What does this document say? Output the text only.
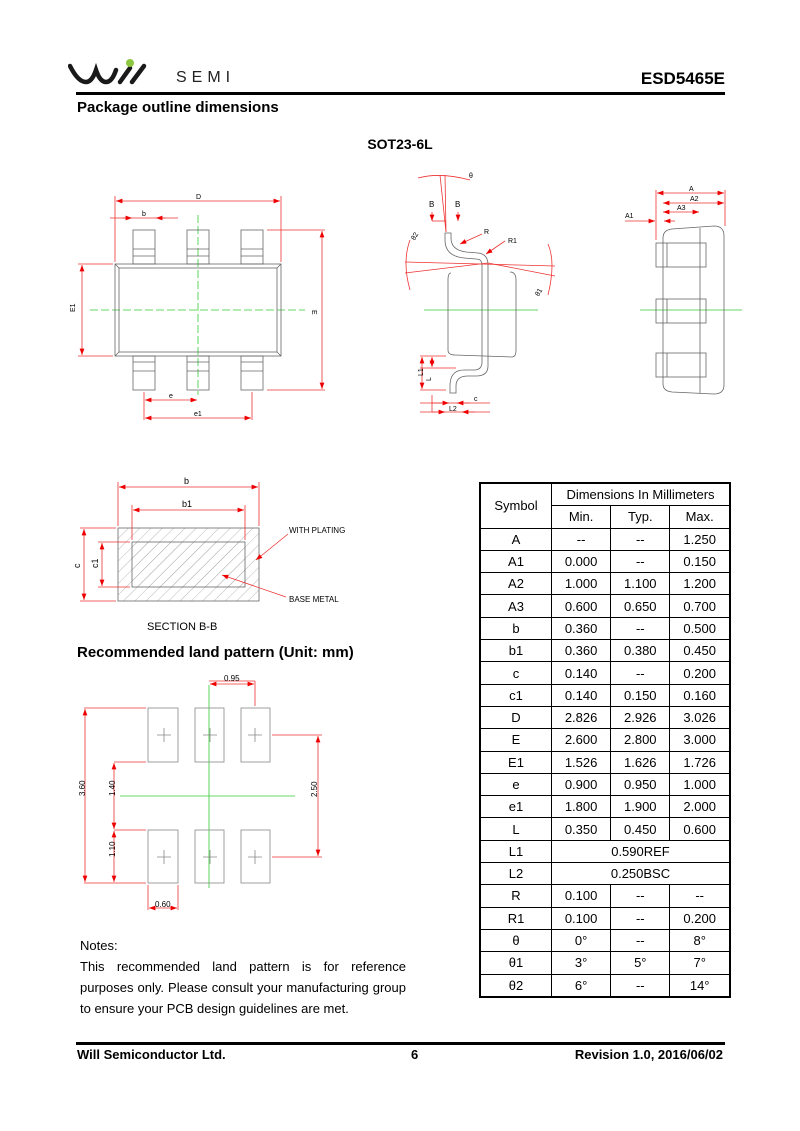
SEMI	ESD5465E
Package outline dimensions
SOT23-6L
D
b
E1
E
e
e1
θ
B	B
R
R1
θ2
θ1
L1
L
L2
c
A
A2
A3
A1
b
b1
c c1
WITH PLATING
BASE METAL
SECTION B-B
0.95
3.60	1.40
1.10
2.50
0.60
Recommended land pattern (Unit: mm)
Symbol	Dimensions In Millimeters		
	Min.	Typ.	Max.
A	--	--	1.250
A1	0.000	--	0.150
A2	1.000	1.100	1.200
A3	0.600	0.650	0.700
b	0.360	--	0.500
b1	0.360	0.380	0.450
c	0.140	--	0.200
c1	0.140	0.150	0.160
D	2.826	2.926	3.026
E	2.600	2.800	3.000
E1	1.526	1.626	1.726
e	0.900	0.950	1.000
e1	1.800	1.900	2.000
L	0.350	0.450	0.600
L1	0.590REF		
L2	0.250BSC		
R	0.100	--	--
R1	0.100	--	0.200
θ	0°	--	8°
θ1	3°	5°	7°
θ2	6°	--	14°

Notes:

This recommended land pattern is for reference purposes only. Please consult your manufacturing group to ensure your PCB design guidelines are met.

Will Semiconductor Ltd.	6	Revision 1.0, 2016/06/02
